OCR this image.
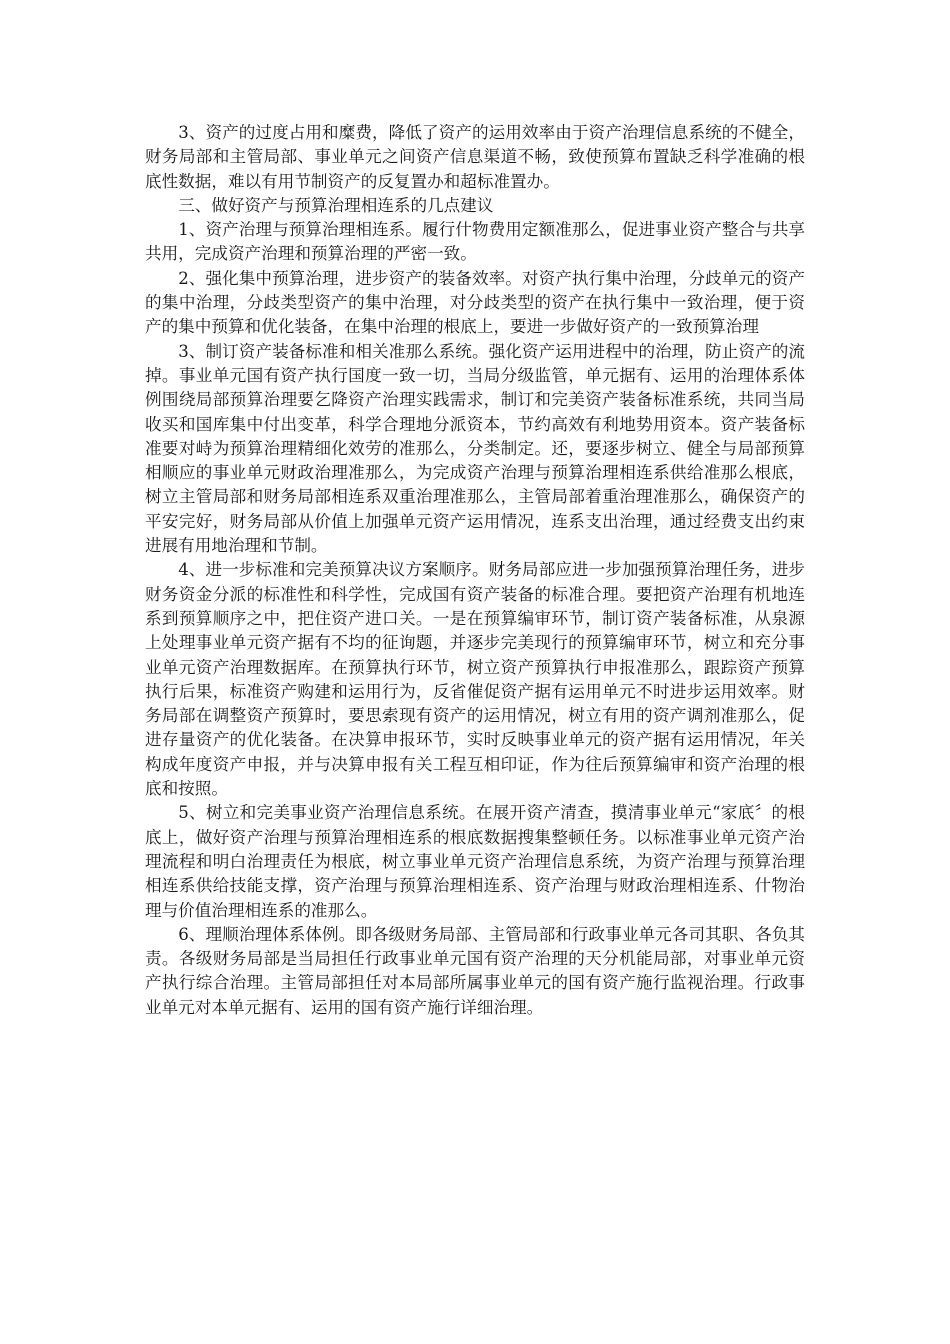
3、资产的过度占用和糜费，降低了资产的运用效率由于资产治理信息系统的不健全，财务局部和主管局部、事业单元之间资产信息渠道不畅，致使预算布置缺乏科学准确的根底性数据，难以有用节制资产的反复置办和超标准置办。

三、做好资产与预算治理相连系的几点建议

1、资产治理与预算治理相连系。履行什物费用定额准那么，促进事业资产整合与共享共用，完成资产治理和预算治理的严密一致。

2、强化集中预算治理，进步资产的装备效率。对资产执行集中治理，分歧单元的资产的集中治理，分歧类型资产的集中治理，对分歧类型的资产在执行集中一致治理，便于资产的集中预算和优化装备，在集中治理的根底上，要进一步做好资产的一致预算治理

3、制订资产装备标准和相关准那么系统。强化资产运用进程中的治理，防止资产的流掉。事业单元国有资产执行国度一致一切，当局分级监管，单元据有、运用的治理体系体例围绕局部预算治理要乞降资产治理实践需求，制订和完美资产装备标准系统，共同当局收买和国库集中付出变革，科学合理地分派资本，节约高效有利地势用资本。资产装备标准要对峙为预算治理精细化效劳的准那么，分类制定。还，要逐步树立、健全与局部预算相顺应的事业单元财政治理准那么，为完成资产治理与预算治理相连系供给准那么根底，树立主管局部和财务局部相连系双重治理准那么，主管局部着重治理准那么，确保资产的平安完好，财务局部从价值上加强单元资产运用情况，连系支出治理，通过经费支出约束进展有用地治理和节制。

4、进一步标准和完美预算决议方案顺序。财务局部应进一步加强预算治理任务，进步财务资金分派的标准性和科学性，完成国有资产装备的标准合理。要把资产治理有机地连系到预算顺序之中，把住资产进口关。一是在预算编审环节，制订资产装备标准，从泉源上处理事业单元资产据有不均的征询题，并逐步完美现行的预算编审环节，树立和充分事业单元资产治理数据库。在预算执行环节，树立资产预算执行申报准那么，跟踪资产预算执行后果，标准资产购建和运用行为，反省催促资产据有运用单元不时进步运用效率。财务局部在调整资产预算时，要思索现有资产的运用情况，树立有用的资产调剂准那么，促进存量资产的优化装备。在决算申报环节，实时反映事业单元的资产据有运用情况，年关构成年度资产申报，并与决算申报有关工程互相印证，作为往后预算编审和资产治理的根底和按照。

5、树立和完美事业资产治理信息系统。在展开资产清查，摸清事业单元“家底〞的根底上，做好资产治理与预算治理相连系的根底数据搜集整顿任务。以标准事业单元资产治理流程和明白治理责任为根底，树立事业单元资产治理信息系统，为资产治理与预算治理相连系供给技能支撑，资产治理与预算治理相连系、资产治理与财政治理相连系、什物治理与价值治理相连系的准那么。

6、理顺治理体系体例。即各级财务局部、主管局部和行政事业单元各司其职、各负其责。各级财务局部是当局担任行政事业单元国有资产治理的天分机能局部，对事业单元资产执行综合治理。主管局部担任对本局部所属事业单元的国有资产施行监视治理。行政事业单元对本单元据有、运用的国有资产施行详细治理。
